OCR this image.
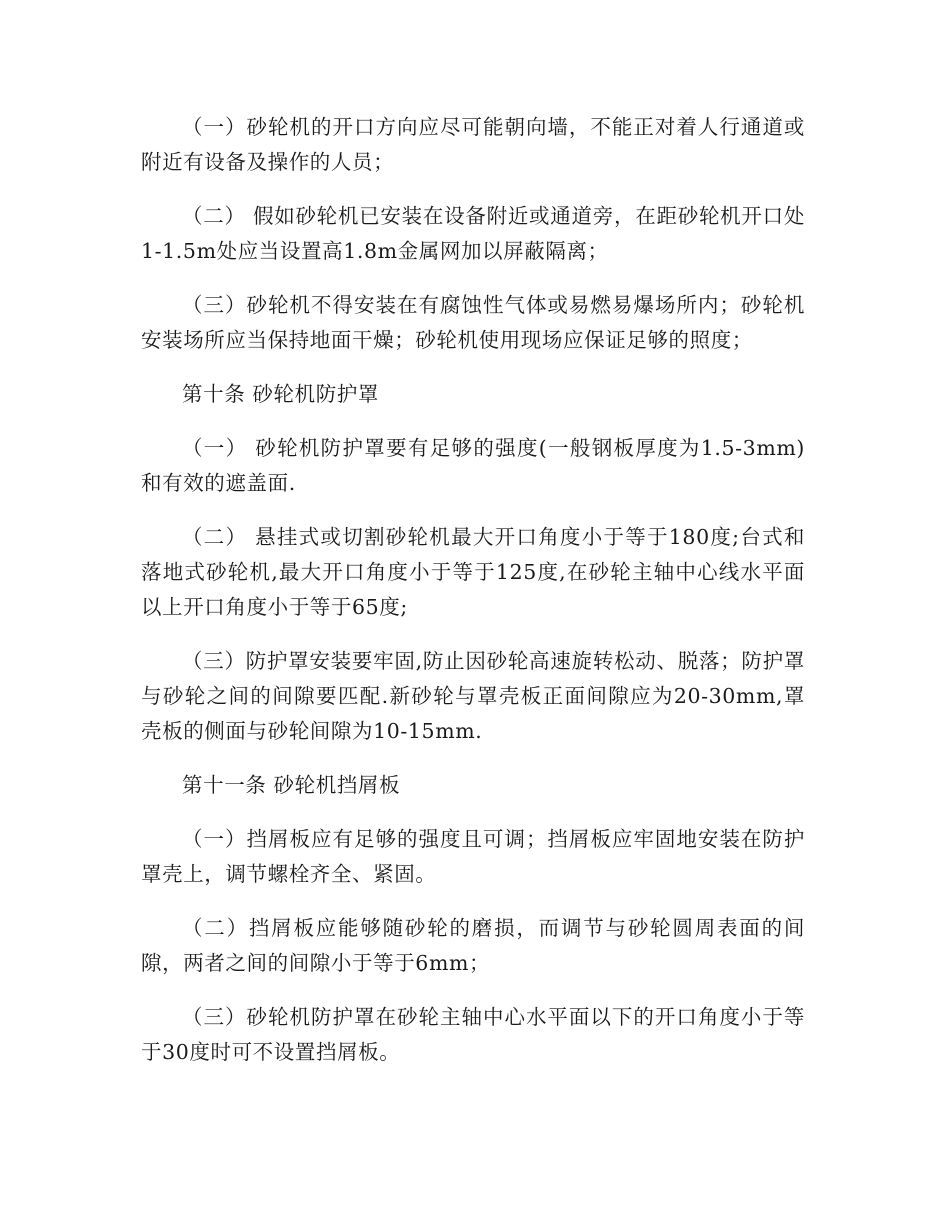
（一）砂轮机的开口方向应尽可能朝向墙，不能正对着人行通道或附近有设备及操作的人员；

（二） 假如砂轮机已安装在设备附近或通道旁，在距砂轮机开口处1-1.5m处应当设置高1.8m金属网加以屏蔽隔离；

（三）砂轮机不得安装在有腐蚀性气体或易燃易爆场所内；砂轮机安装场所应当保持地面干燥；砂轮机使用现场应保证足够的照度；

第十条 砂轮机防护罩

（一） 砂轮机防护罩要有足够的强度(一般钢板厚度为1.5-3mm)和有效的遮盖面.

（二） 悬挂式或切割砂轮机最大开口角度小于等于180度;台式和落地式砂轮机,最大开口角度小于等于125度,在砂轮主轴中心线水平面以上开口角度小于等于65度;

（三）防护罩安装要牢固,防止因砂轮高速旋转松动、脱落；防护罩与砂轮之间的间隙要匹配.新砂轮与罩壳板正面间隙应为20-30mm,罩壳板的侧面与砂轮间隙为10-15mm.

第十一条 砂轮机挡屑板

（一）挡屑板应有足够的强度且可调；挡屑板应牢固地安装在防护罩壳上，调节螺栓齐全、紧固。

（二）挡屑板应能够随砂轮的磨损，而调节与砂轮圆周表面的间隙，两者之间的间隙小于等于6mm；

（三）砂轮机防护罩在砂轮主轴中心水平面以下的开口角度小于等于30度时可不设置挡屑板。
